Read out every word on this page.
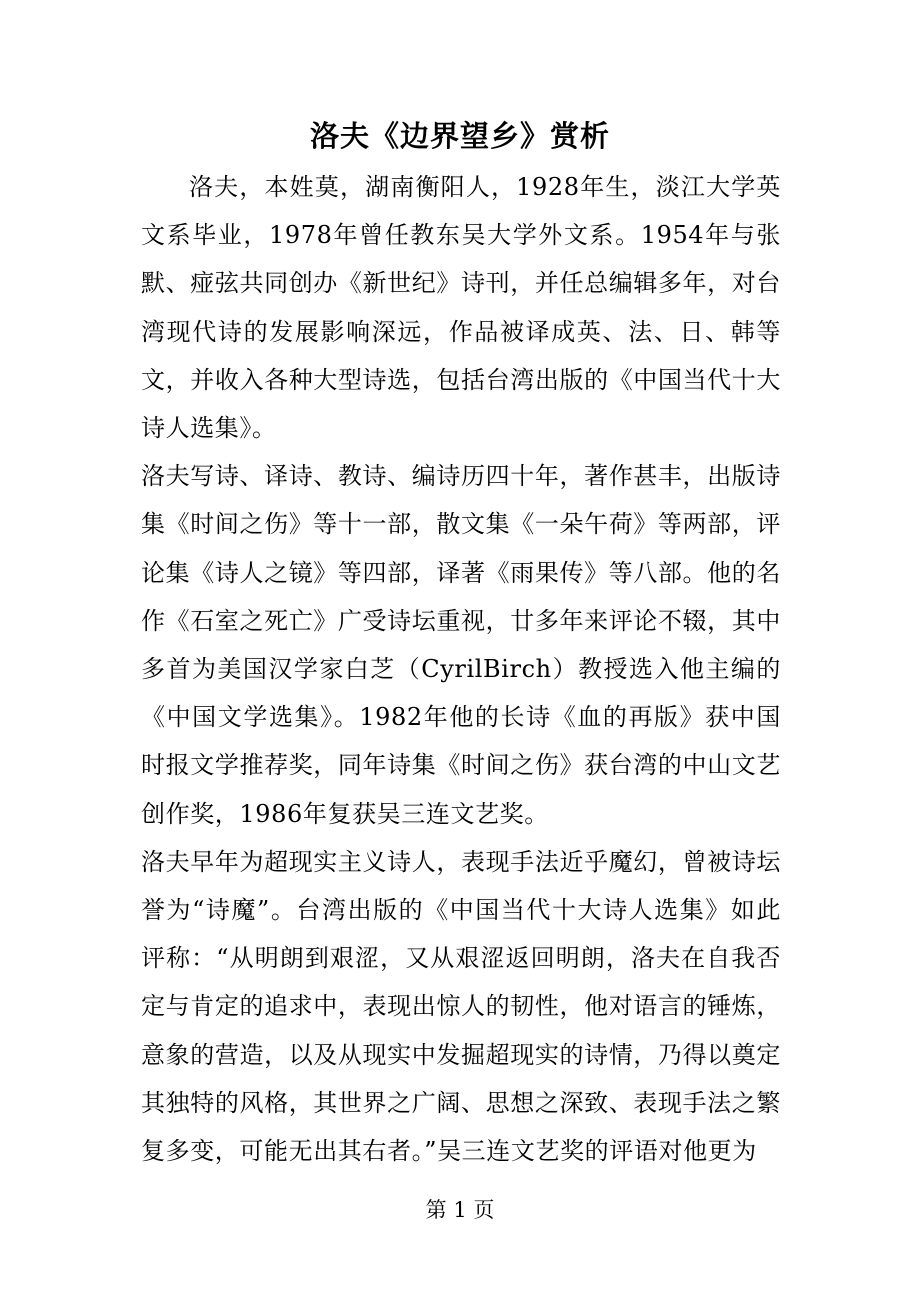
洛夫《边界望乡》赏析

洛夫，本姓莫，湖南衡阳人，1928年生，淡江大学英文系毕业，1978年曾任教东吴大学外文系。1954年与张默、痖弦共同创办《新世纪》诗刊，并任总编辑多年，对台湾现代诗的发展影响深远，作品被译成英、法、日、韩等文，并收入各种大型诗选，包括台湾出版的《中国当代十大诗人选集》。

洛夫写诗、译诗、教诗、编诗历四十年，著作甚丰，出版诗集《时间之伤》等十一部，散文集《一朵午荷》等两部，评论集《诗人之镜》等四部，译著《雨果传》等八部。他的名作《石室之死亡》广受诗坛重视，廿多年来评论不辍，其中多首为美国汉学家白芝（CyrilBirch）教授选入他主编的《中国文学选集》。1982年他的长诗《血的再版》获中国时报文学推荐奖，同年诗集《时间之伤》获台湾的中山文艺创作奖，1986年复获吴三连文艺奖。

洛夫早年为超现实主义诗人，表现手法近乎魔幻，曾被诗坛誉为“诗魔”。台湾出版的《中国当代十大诗人选集》如此评称：“从明朗到艰涩，又从艰涩返回明朗，洛夫在自我否定与肯定的追求中，表现出惊人的韧性，他对语言的锤炼，意象的营造，以及从现实中发掘超现实的诗情，乃得以奠定其独特的风格，其世界之广阔、思想之深致、表现手法之繁复多变，可能无出其右者。”吴三连文艺奖的评语对他更为

第 1 页
